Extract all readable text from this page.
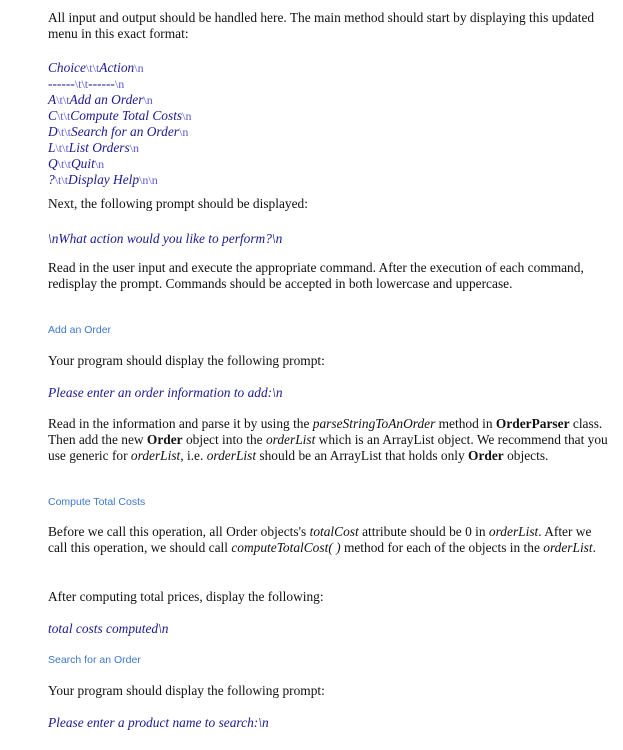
All input and output should be handled here. The main method should start by displaying this updated menu in this exact format:
Choice\t\tAction\n
------\t\t------\n
A\t\tAdd an Order\n
C\t\tCompute Total Costs\n
D\t\tSearch for an Order\n
L\t\tList Orders\n
Q\t\tQuit\n
?\t\tDisplay Help\n\n
Next, the following prompt should be displayed:
\nWhat action would you like to perform?\n
Read in the user input and execute the appropriate command. After the execution of each command, redisplay the prompt. Commands should be accepted in both lowercase and uppercase.
Add an Order
Your program should display the following prompt:
Please enter an order information to add:\n
Read in the information and parse it by using the parseStringToAnOrder method in OrderParser class. Then add the new Order object into the orderList which is an ArrayList object. We recommend that you use generic for orderList, i.e. orderList should be an ArrayList that holds only Order objects.
Compute Total Costs
Before we call this operation, all Order objects's totalCost attribute should be 0 in orderList. After we call this operation, we should call computeTotalCost( ) method for each of the objects in the orderList.
After computing total prices, display the following:
total costs computed\n
Search for an Order
Your program should display the following prompt:
Please enter a product name to search:\n
